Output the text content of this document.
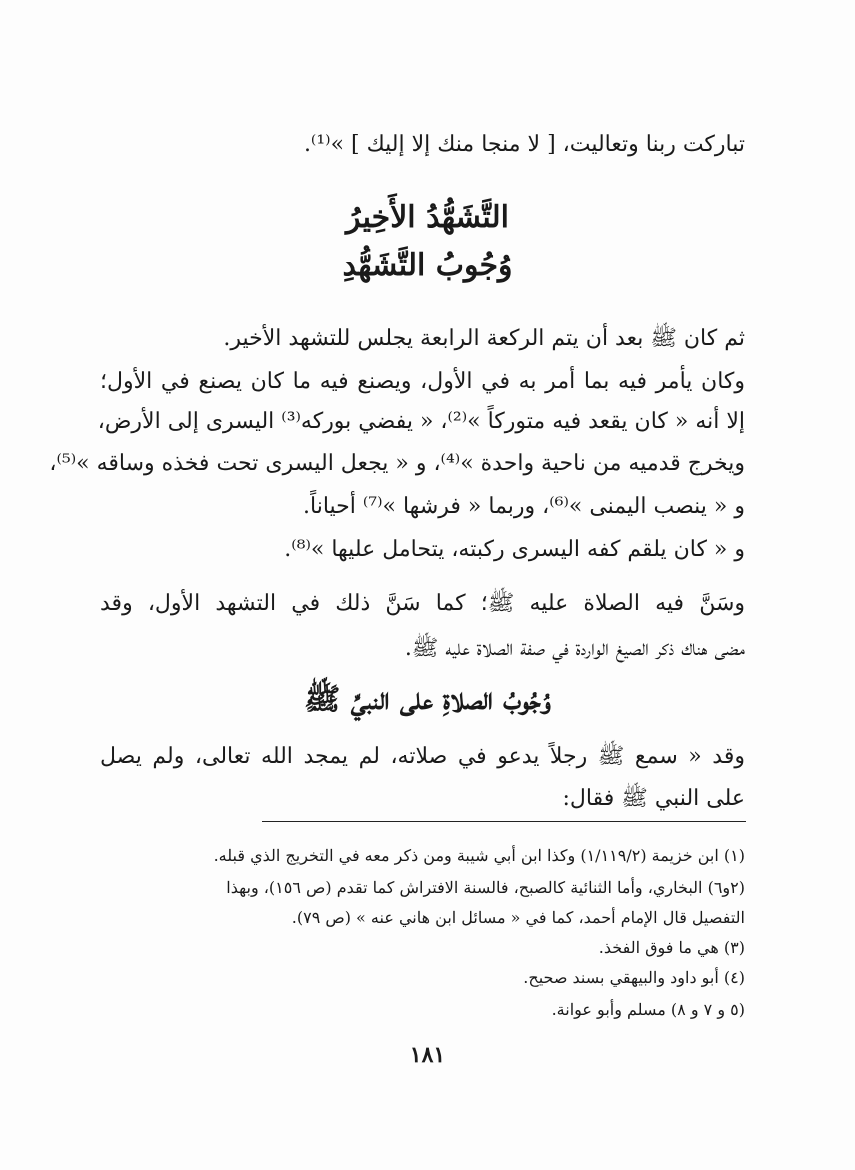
تباركت ربنا وتعاليت، [ لا منجا منك إلا إليك ] »⁽¹⁾.
التَّشَهُّدُ الأَخِيرُ
وُجُوبُ التَّشَهُّدِ
ثم كان ﷺ بعد أن يتم الركعة الرابعة يجلس للتشهد الأخير.
وكان يأمر فيه بما أمر به في الأول، ويصنع فيه ما كان يصنع في الأول؛
إلا أنه « كان يقعد فيه متوركاً »⁽²⁾، « يفضي بوركه⁽³⁾ اليسرى إلى الأرض،
ويخرج قدميه من ناحية واحدة »⁽⁴⁾، و « يجعل اليسرى تحت فخذه وساقه »⁽⁵⁾،
و « ينصب اليمنى »⁽⁶⁾، وربما « فرشها »⁽⁷⁾ أحياناً.
و « كان يلقم كفه اليسرى ركبته، يتحامل عليها »⁽⁸⁾.
وسَنَّ فيه الصلاة عليه ﷺ؛ كما سَنَّ ذلك في التشهد الأول، وقد
مضى هناك ذكر الصيغ الواردة في صفة الصلاة عليه ﷺ.
وُجُوبُ الصلاةِ على النبيِّ ﷺ
وقد « سمع ﷺ رجلاً يدعو في صلاته، لم يمجد الله تعالى، ولم يصل
على النبي ﷺ فقال:
(١) ابن خزيمة (١/١١٩/٢) وكذا ابن أبي شيبة ومن ذكر معه في التخريج الذي قبله.
(٢و٦) البخاري، وأما الثنائية كالصبح، فالسنة الافتراش كما تقدم (ص ١٥٦)، وبهذا
التفصيل قال الإمام أحمد، كما في « مسائل ابن هاني عنه » (ص ٧٩).
(٣) هي ما فوق الفخذ.
(٤) أبو داود والبيهقي بسند صحيح.
(٥ و ٧ و ٨) مسلم وأبو عوانة.
١٨١
